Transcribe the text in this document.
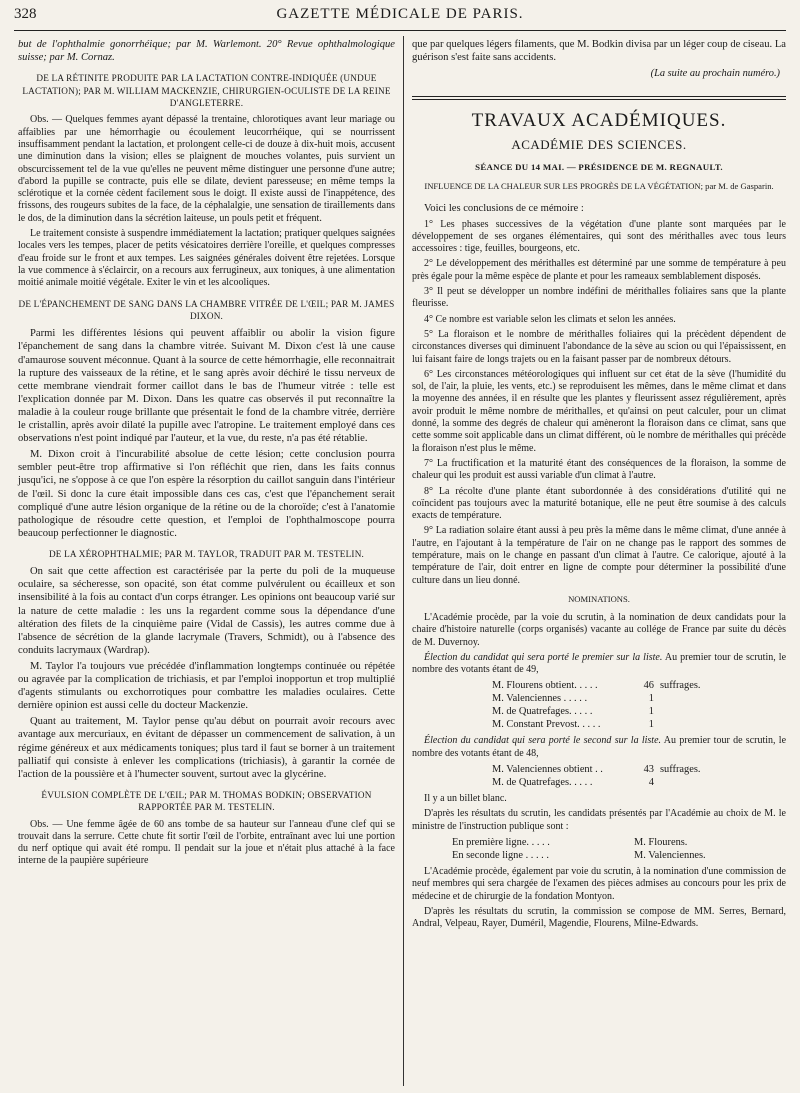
328	GAZETTE MÉDICALE DE PARIS.

but de l'ophthalmie gonorrhéique; par M. Warlemont. 20° Revue ophthalmologique suisse; par M. Cornaz.

DE LA RÉTINITE PRODUITE PAR LA LACTATION CONTRE-INDIQUÉE (UNDUE LACTATION); PAR M. WILLIAM MACKENZIE, CHIRURGIEN-OCULISTE DE LA REINE D'ANGLETERRE.

Obs. — Quelques femmes ayant dépassé la trentaine, chlorotiques avant leur mariage ou affaiblies par une hémorrhagie ou écoulement leucorrhéique, qui se nourrissent insuffisamment pendant la lactation, et prolongent celle-ci de douze à dix-huit mois, accusent une diminution dans la vision; elles se plaignent de mouches volantes, puis survient un obscurcissement tel de la vue qu'elles ne peuvent même distinguer une personne d'une autre; d'abord la pupille se contracte, puis elle se dilate, devient paresseuse; en même temps la sclérotique et la cornée cèdent facilement sous le doigt. Il existe aussi de l'inappétence, des frissons, des rougeurs subites de la face, de la céphalalgie, une sensation de tiraillements dans le dos, de la diminution dans la sécrétion laiteuse, un pouls petit et fréquent.

Le traitement consiste à suspendre immédiatement la lactation; pratiquer quelques saignées locales vers les tempes, placer de petits vésicatoires derrière l'oreille, et quelques compresses d'eau froide sur le front et aux tempes. Les saignées générales doivent être rejetées. Lorsque la vue commence à s'éclaircir, on a recours aux ferrugineux, aux toniques, à une alimentation moitié animale moitié végétale. Exiter le vin et les alcooliques.

DE L'ÉPANCHEMENT DE SANG DANS LA CHAMBRE VITRÉE DE L'ŒIL; PAR M. JAMES DIXON.

Parmi les différentes lésions qui peuvent affaiblir ou abolir la vision figure l'épanchement de sang dans la chambre vitrée. Suivant M. Dixon c'est là une cause d'amaurose souvent méconnue. Quant à la source de cette hémorrhagie, elle reconnaitrait la rupture des vaisseaux de la rétine, et le sang après avoir déchiré le tissu nerveux de cette membrane viendrait former caillot dans le bas de l'humeur vitrée : telle est l'explication donnée par M. Dixon. Dans les quatre cas observés il put reconnaître la maladie à la couleur rouge brillante que présentait le fond de la chambre vitrée, derrière le cristallin, après avoir dilaté la pupille avec l'atropine. Le traitement employé dans ces observations n'est point indiqué par l'auteur, et la vue, du reste, n'a pas été rétablie.

M. Dixon croit à l'incurabilité absolue de cette lésion; cette conclusion pourra sembler peut-être trop affirmative si l'on réfléchit que rien, dans les faits connus jusqu'ici, ne s'oppose à ce que l'on espère la résorption du caillot sanguin dans l'intérieur de l'œil. Si donc la cure était impossible dans ces cas, c'est que l'épanchement serait compliqué d'une autre lésion organique de la rétine ou de la choroïde; c'est à l'anatomie pathologique de résoudre cette question, et l'emploi de l'ophthalmoscope pourra beaucoup perfectionner le diagnostic.

DE LA XÉROPHTHALMIE; PAR M. TAYLOR, TRADUIT PAR M. TESTELIN.

On sait que cette affection est caractérisée par la perte du poli de la muqueuse oculaire, sa sécheresse, son opacité, son état comme pulvérulent ou écailleux et son insensibilité à la fois au contact d'un corps étranger. Les opinions ont beaucoup varié sur la nature de cette maladie : les uns la regardent comme sous la dépendance d'une altération des filets de la cinquième paire (Vidal de Cassis), les autres comme due à l'absence de sécrétion de la glande lacrymale (Travers, Schmidt), ou à l'absence des conduits lacrymaux (Wardrap).

M. Taylor l'a toujours vue précédée d'inflammation longtemps continuée ou répétée ou agravée par la complication de trichiasis, et par l'emploi inopportun et trop multiplié d'agents stimulants ou exchorrotiques pour combattre les maladies oculaires. Cette dernière opinion est aussi celle du docteur Mackenzie.

Quant au traitement, M. Taylor pense qu'au début on pourrait avoir recours avec avantage aux mercuriaux, en évitant de dépasser un commencement de salivation, à un régime généreux et aux médicaments toniques; plus tard il faut se borner à un traitement palliatif qui consiste à enlever les complications (trichiasis), à garantir la cornée de l'action de la poussière et à l'humecter souvent, surtout avec la glycérine.

ÉVULSION COMPLÈTE DE L'ŒIL; PAR M. THOMAS BODKIN; OBSERVATION RAPPORTÉE PAR M. TESTELIN.

Obs. — Une femme âgée de 60 ans tombe de sa hauteur sur l'anneau d'une clef qui se trouvait dans la serrure. Cette chute fit sortir l'œil de l'orbite, entraînant avec lui une portion du nerf optique qui avait été rompu. Il pendait sur la joue et n'était plus attaché à la face interne de la paupière supérieure

que par quelques légers filaments, que M. Bodkin divisa par un léger coup de ciseau. La guérison s'est faite sans accidents.

(La suite au prochain numéro.)
TRAVAUX ACADÉMIQUES.
ACADÉMIE DES SCIENCES.
SÉANCE DU 14 MAI. — PRÉSIDENCE DE M. REGNAULT.
INFLUENCE DE LA CHALEUR SUR LES PROGRÈS DE LA VÉGÉTATION; par M. de Gasparin.

Voici les conclusions de ce mémoire :

1° Les phases successives de la végétation d'une plante sont marquées par le développement de ses organes élémentaires, qui sont des mérithalles avec tous leurs accessoires : tige, feuilles, bourgeons, etc.

2° Le développement des mérithalles est déterminé par une somme de température à peu près égale pour la même espèce de plante et pour les rameaux semblablement disposés.

3° Il peut se développer un nombre indéfini de mérithalles foliaires sans que la plante fleurisse.

4° Ce nombre est variable selon les climats et selon les années.

5° La floraison et le nombre de mérithalles foliaires qui la précèdent dépendent de circonstances diverses qui diminuent l'abondance de la sève au scion ou qui l'épaississent, en lui faisant faire de longs trajets ou en la faisant passer par de nombreux détours.

6° Les circonstances météorologiques qui influent sur cet état de la sève (l'humidité du sol, de l'air, la pluie, les vents, etc.) se reproduisent les mêmes, dans le même climat et dans la moyenne des années, il en résulte que les plantes y fleurissent assez régulièrement, après avoir produit le même nombre de mérithalles, et qu'ainsi on peut calculer, pour un climat donné, la somme des degrés de chaleur qui amèneront la floraison dans ce climat, sans que cette somme soit applicable dans un climat différent, où le nombre de mérithalles qui précède la floraison n'est plus le même.

7° La fructification et la maturité étant des conséquences de la floraison, la somme de chaleur qui les produit est aussi variable d'un climat à l'autre.

8° La récolte d'une plante étant subordonnée à des considérations d'utilité qui ne coïncident pas toujours avec la maturité botanique, elle ne peut être soumise à des calculs exacts de température.

9° La radiation solaire étant aussi à peu près la même dans le même climat, d'une année à l'autre, en l'ajoutant à la température de l'air on ne change pas le rapport des sommes de température, mais on le change en passant d'un climat à l'autre. Ce calorique, ajouté à la température de l'air, doit entrer en ligne de compte pour déterminer la possibilité d'une culture dans un lieu donné.

NOMINATIONS.

L'Académie procède, par la voie du scrutin, à la nomination de deux candidats pour la chaire d'histoire naturelle (corps organisés) vacante au collége de France par suite du décès de M. Duvernoy.

Élection du candidat qui sera porté le premier sur la liste. Au premier tour de scrutin, le nombre des votants étant de 49,

M. Flourens obtient. . . . .	46 suffrages.
M. Valenciennes . . . . .	1
M. de Quatrefages. . . . .	1
M. Constant Prevost. . . . .	1

Élection du candidat qui sera porté le second sur la liste. Au premier tour de scrutin, le nombre des votants étant de 48,

M. Valenciennes obtient . .	43 suffrages.
M. de Quatrefages. . . . .	4

Il y a un billet blanc.

D'après les résultats du scrutin, les candidats présentés par l'Académie au choix de M. le ministre de l'instruction publique sont :

En première ligne. . . . .	M. Flourens.
En seconde ligne . . . . .	M. Valenciennes.

L'Académie procède, également par voie du scrutin, à la nomination d'une commission de neuf membres qui sera chargée de l'examen des pièces admises au concours pour les prix de médecine et de chirurgie de la fondation Montyon.

D'après les résultats du scrutin, la commission se compose de MM. Serres, Bernard, Andral, Velpeau, Rayer, Duméril, Magendie, Flourens, Milne-Edwards.
